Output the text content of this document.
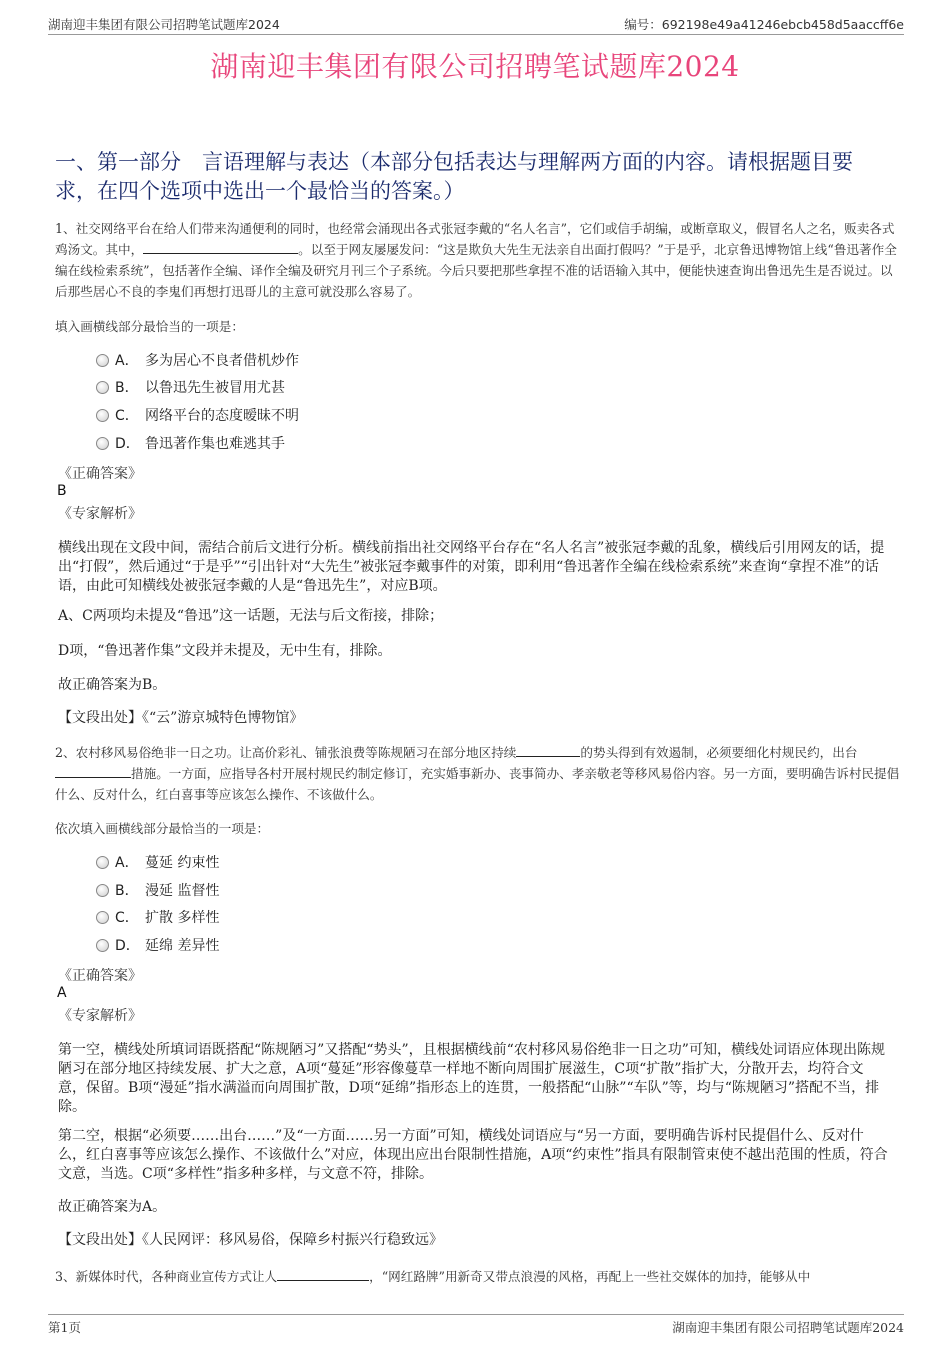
湖南迎丰集团有限公司招聘笔试题库2024	编号：692198e49a41246ebcb458d5aaccff6e
湖南迎丰集团有限公司招聘笔试题库2024
一、第一部分　言语理解与表达（本部分包括表达与理解两方面的内容。请根据题目要求，在四个选项中选出一个最恰当的答案。）
1、社交网络平台在给人们带来沟通便利的同时，也经常会涌现出各式张冠李戴的“名人名言”，它们或信手胡编，或断章取义，假冒名人之名，贩卖各式鸡汤文。其中，	。以至于网友屡屡发问：“这是欺负大先生无法亲自出面打假吗？”于是乎，北京鲁迅博物馆上线“鲁迅著作全编在线检索系统”，包括著作全编、译作全编及研究月刊三个子系统。今后只要把那些拿捏不准的话语输入其中，便能快速查询出鲁迅先生是否说过。以后那些居心不良的李鬼们再想打迅哥儿的主意可就没那么容易了。
填入画横线部分最恰当的一项是：
A． 多为居心不良者借机炒作
B． 以鲁迅先生被冒用尤甚
C． 网络平台的态度暧昧不明
D． 鲁迅著作集也难逃其手
《正确答案》
B
《专家解析》
横线出现在文段中间，需结合前后文进行分析。横线前指出社交网络平台存在“名人名言”被张冠李戴的乱象，横线后引用网友的话，提出“打假”，然后通过“于是乎”“引出针对“大先生”被张冠李戴事件的对策，即利用“鲁迅著作全编在线检索系统”来查询“拿捏不准”的话语，由此可知横线处被张冠李戴的人是“鲁迅先生”，对应B项。
A、C两项均未提及“鲁迅”这一话题，无法与后文衔接，排除；
D项，“鲁迅著作集”文段并未提及，无中生有，排除。
故正确答案为B。
【文段出处】《“云”游京城特色博物馆》
2、农村移风易俗绝非一日之功。让高价彩礼、铺张浪费等陈规陋习在部分地区持续	的势头得到有效遏制，必须要细化村规民约，出台措施。一方面，应指导各村开展村规民约制定修订，充实婚事新办、丧事简办、孝亲敬老等移风易俗内容。另一方面，要明确告诉村民提倡什么、反对什么，红白喜事等应该怎么操作、不该做什么。
依次填入画横线部分最恰当的一项是：
A． 蔓延 约束性
B． 漫延 监督性
C． 扩散 多样性
D． 延绵 差异性
《正确答案》
A
《专家解析》
第一空，横线处所填词语既搭配“陈规陋习”又搭配“势头”，且根据横线前“农村移风易俗绝非一日之功”可知，横线处词语应体现出陈规陋习在部分地区持续发展、扩大之意，A项“蔓延”形容像蔓草一样地不断向周围扩展滋生，C项“扩散”指扩大，分散开去，均符合文意，保留。B项“漫延”指水满溢而向周围扩散，D项“延绵”指形态上的连贯，一般搭配“山脉”“车队”等，均与“陈规陋习”搭配不当，排除。
第二空，根据“必须要……出台……”及“一方面……另一方面”可知，横线处词语应与“另一方面，要明确告诉村民提倡什么、反对什么，红白喜事等应该怎么操作、不该做什么”对应，体现出应出台限制性措施，A项“约束性”指具有限制管束使不越出范围的性质，符合文意，当选。C项“多样性”指多种多样，与文意不符，排除。
故正确答案为A。
【文段出处】《人民网评：移风易俗，保障乡村振兴行稳致远》
3、新媒体时代，各种商业宣传方式让人	，“网红路牌”用新奇又带点浪漫的风格，再配上一些社交媒体的加持，能够从中
第1页	湖南迎丰集团有限公司招聘笔试题库2024
